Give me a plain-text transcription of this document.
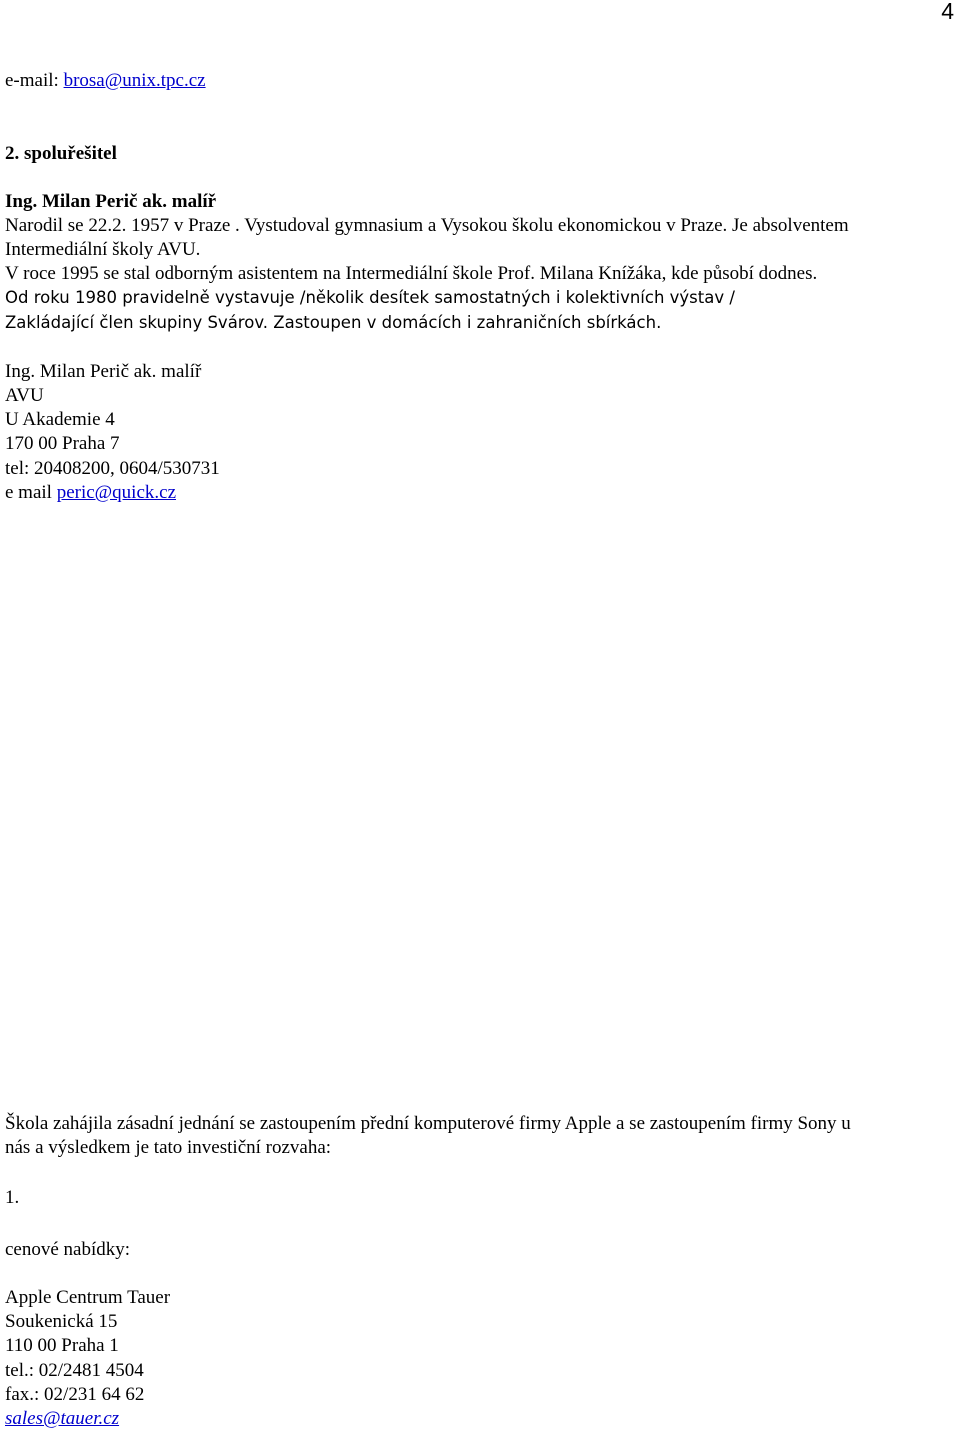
4
e-mail: brosa@unix.tpc.cz
2. spoluřešitel
Ing. Milan Perič ak. malíř
Narodil se 22.2. 1957 v Praze . Vystudoval gymnasium a Vysokou školu ekonomickou v Praze. Je absolventem
Intermediální školy AVU.
V roce 1995 se stal odborným asistentem na Intermediální škole Prof. Milana Knížáka, kde působí dodnes.
Od roku 1980 pravidelně vystavuje /několik desítek samostatných i kolektivních výstav /
Zakládající člen skupiny Svárov. Zastoupen v domácích i zahraničních sbírkách.
Ing. Milan Perič ak. malíř
AVU
U Akademie 4
170 00 Praha 7
tel: 20408200, 0604/530731
e mail peric@quick.cz
Škola zahájila zásadní jednání se zastoupením přední komputerové firmy Apple a se zastoupením firmy Sony u
nás a výsledkem je tato investiční rozvaha:
1.
cenové nabídky:
Apple Centrum Tauer
Soukenická 15
110 00 Praha 1
tel.: 02/2481 4504
fax.: 02/231 64 62
sales@tauer.cz
